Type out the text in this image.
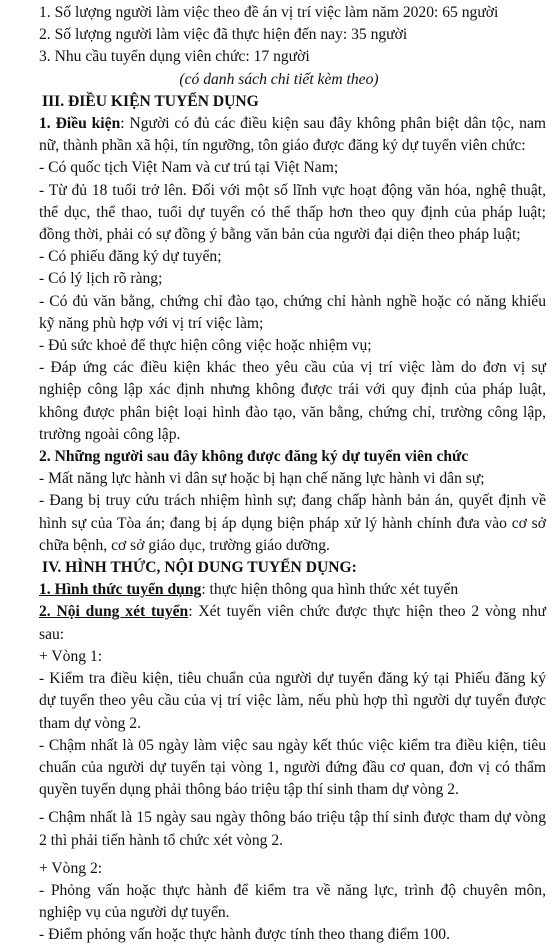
1. Số lượng người làm việc theo đề án vị trí việc làm năm 2020: 65 người

2. Số lượng người làm việc đã thực hiện đến nay: 35 người

3. Nhu cầu tuyển dụng viên chức: 17 người

(có danh sách chi tiết kèm theo)

III. ĐIỀU KIỆN TUYỂN DỤNG

1. Điều kiện: Người có đủ các điều kiện sau đây không phân biệt dân tộc, nam nữ, thành phần xã hội, tín ngưỡng, tôn giáo được đăng ký dự tuyển viên chức:

- Có quốc tịch Việt Nam và cư trú tại Việt Nam;

- Từ đủ 18 tuổi trở lên. Đối với một số lĩnh vực hoạt động văn hóa, nghệ thuật, thể dục, thể thao, tuổi dự tuyển có thể thấp hơn theo quy định của pháp luật; đồng thời, phải có sự đồng ý bằng văn bản của người đại diện theo pháp luật;

- Có phiếu đăng ký dự tuyển;

- Có lý lịch rõ ràng;

- Có đủ văn bằng, chứng chỉ đào tạo, chứng chỉ hành nghề hoặc có năng khiếu kỹ năng phù hợp với vị trí việc làm;

- Đủ sức khoẻ để thực hiện công việc hoặc nhiệm vụ;

- Đáp ứng các điều kiện khác theo yêu cầu của vị trí việc làm do đơn vị sự nghiệp công lập xác định nhưng không được trái với quy định của pháp luật, không được phân biệt loại hình đào tạo, văn bằng, chứng chỉ, trường công lập, trường ngoài công lập.

2. Những người sau đây không được đăng ký dự tuyển viên chức

- Mất năng lực hành vi dân sự hoặc bị hạn chế năng lực hành vi dân sự;

- Đang bị truy cứu trách nhiệm hình sự; đang chấp hành bản án, quyết định về hình sự của Tòa án; đang bị áp dụng biện pháp xử lý hành chính đưa vào cơ sở chữa bệnh, cơ sở giáo dục, trường giáo dưỡng.

IV. HÌNH THỨC, NỘI DUNG TUYỂN DỤNG:

1. Hình thức tuyển dụng: thực hiện thông qua hình thức xét tuyển

2. Nội dung xét tuyển: Xét tuyển viên chức được thực hiện theo 2 vòng như sau:

+ Vòng 1:

- Kiểm tra điều kiện, tiêu chuẩn của người dự tuyển đăng ký tại Phiếu đăng ký dự tuyển theo yêu cầu của vị trí việc làm, nếu phù hợp thì người dự tuyển được tham dự vòng 2.

- Chậm nhất là 05 ngày làm việc sau ngày kết thúc việc kiểm tra điều kiện, tiêu chuẩn của người dự tuyển tại vòng 1, người đứng đầu cơ quan, đơn vị có thẩm quyền tuyển dụng phải thông báo triệu tập thí sinh tham dự vòng 2.

- Chậm nhất là 15 ngày sau ngày thông báo triệu tập thí sinh được tham dự vòng 2 thì phải tiến hành tổ chức xét vòng 2.

+ Vòng 2:

- Phỏng vấn hoặc thực hành để kiểm tra về năng lực, trình độ chuyên môn, nghiệp vụ của người dự tuyển.

- Điểm phỏng vấn hoặc thực hành được tính theo thang điểm 100.
